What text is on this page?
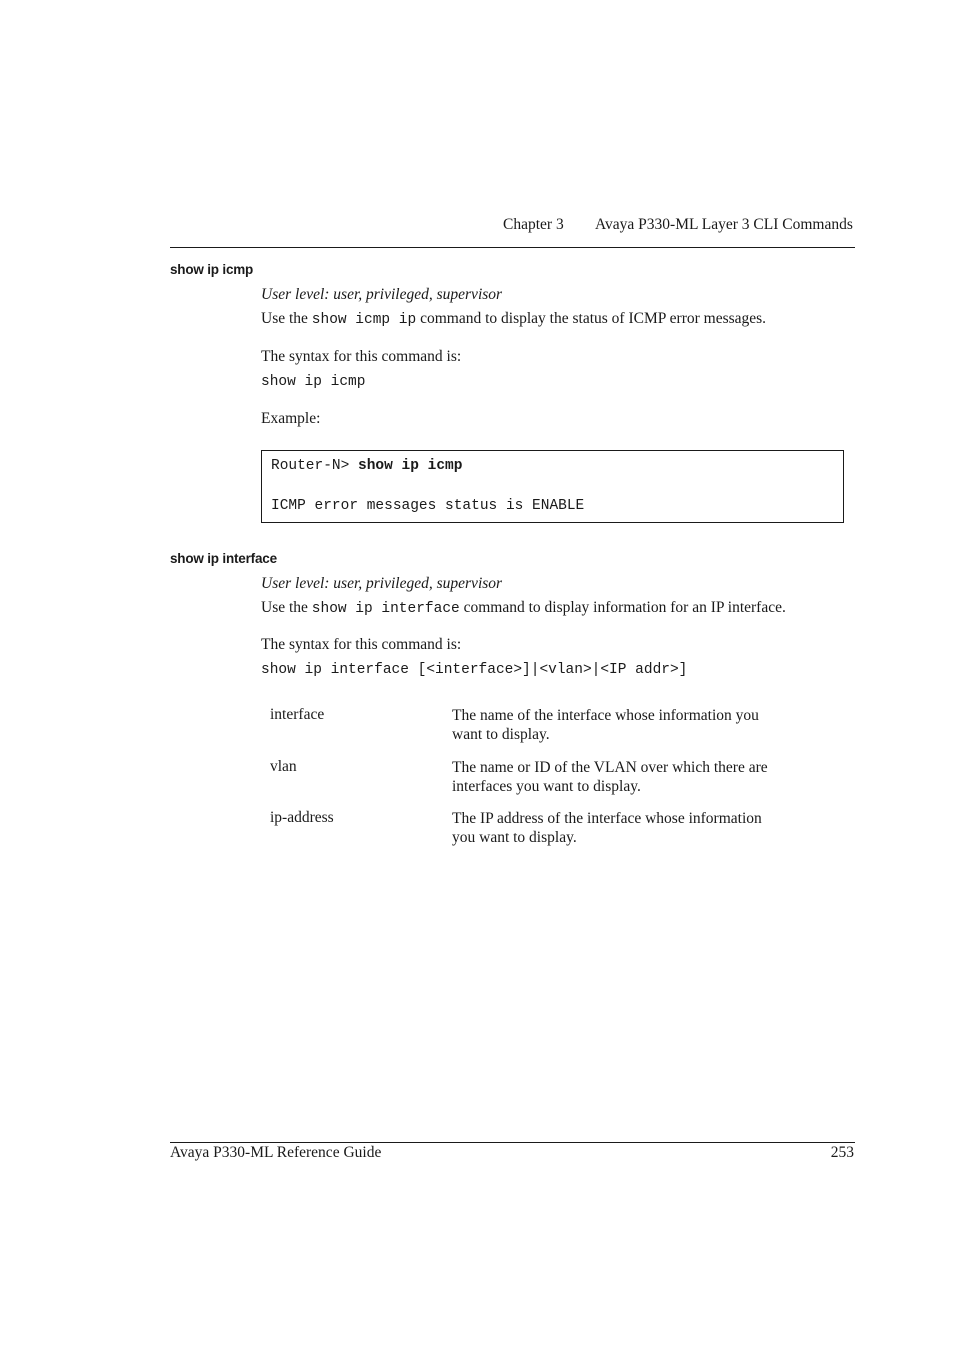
Chapter 3 Avaya P330-ML Layer 3 CLI Commands
show ip icmp
User level: user, privileged, supervisor
Use the show icmp ip command to display the status of ICMP error messages.
The syntax for this command is:
show ip icmp
Example:
Router-N> show ip icmp
ICMP error messages status is ENABLE
show ip interface
User level: user, privileged, supervisor
Use the show ip interface command to display information for an IP interface.
The syntax for this command is:
show ip interface [<interface>]|<vlan>|<IP addr>]
interface	The name of the interface whose information you
want to display.
vlan	The name or ID of the VLAN over which there are
interfaces you want to display.
ip-address	The IP address of the interface whose information
you want to display.
Avaya P330-ML Reference Guide	253
